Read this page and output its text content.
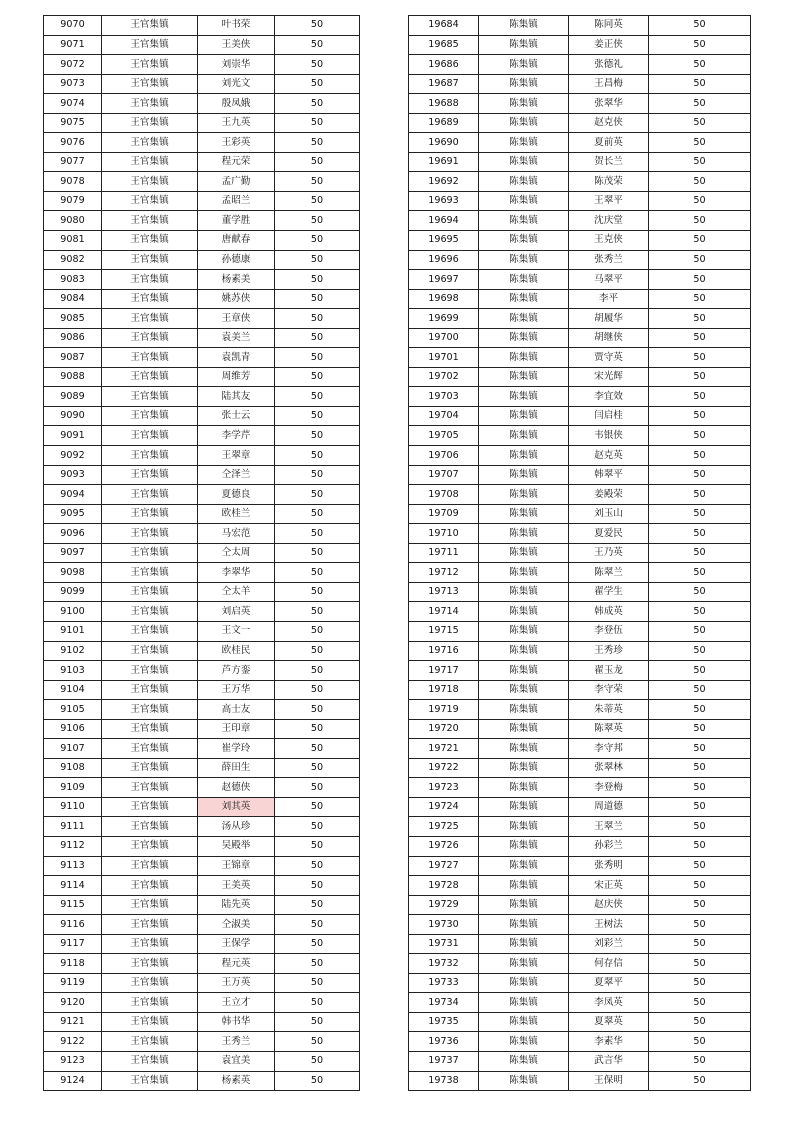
9070	王官集镇	叶书荣	50
9071	王官集镇	王美侠	50
9072	王官集镇	刘崇华	50
9073	王官集镇	刘光文	50
9074	王官集镇	殷凤娥	50
9075	王官集镇	王九英	50
9076	王官集镇	王彩英	50
9077	王官集镇	程元荣	50
9078	王官集镇	孟广勤	50
9079	王官集镇	孟昭兰	50
9080	王官集镇	董学胜	50
9081	王官集镇	唐献春	50
9082	王官集镇	孙德康	50
9083	王官集镇	杨素美	50
9084	王官集镇	姚苏侠	50
9085	王官集镇	王章侠	50
9086	王官集镇	袁美兰	50
9087	王官集镇	袁凯青	50
9088	王官集镇	周维芳	50
9089	王官集镇	陆其友	50
9090	王官集镇	张士云	50
9091	王官集镇	李学芹	50
9092	王官集镇	王翠章	50
9093	王官集镇	仝泽兰	50
9094	王官集镇	夏德良	50
9095	王官集镇	欧桂兰	50
9096	王官集镇	马宏范	50
9097	王官集镇	仝太周	50
9098	王官集镇	李翠华	50
9099	王官集镇	仝太羊	50
9100	王官集镇	刘启英	50
9101	王官集镇	王文一	50
9102	王官集镇	欧桂民	50
9103	王官集镇	芦方銮	50
9104	王官集镇	王万华	50
9105	王官集镇	高士友	50
9106	王官集镇	王印章	50
9107	王官集镇	崔学玲	50
9108	王官集镇	薛田生	50
9109	王官集镇	赵德侠	50
9110	王官集镇	刘其英	50
9111	王官集镇	汤从珍	50
9112	王官集镇	吴殿举	50
9113	王官集镇	王锦章	50
9114	王官集镇	王美英	50
9115	王官集镇	陆先英	50
9116	王官集镇	仝淑美	50
9117	王官集镇	王保学	50
9118	王官集镇	程元英	50
9119	王官集镇	王万英	50
9120	王官集镇	王立才	50
9121	王官集镇	韩书华	50
9122	王官集镇	王秀兰	50
9123	王官集镇	袁宜美	50
9124	王官集镇	杨素英	50
19684	陈集镇	陈同英	50
19685	陈集镇	姜正侠	50
19686	陈集镇	张德礼	50
19687	陈集镇	王昌梅	50
19688	陈集镇	张翠华	50
19689	陈集镇	赵克侠	50
19690	陈集镇	夏前英	50
19691	陈集镇	贺长兰	50
19692	陈集镇	陈茂荣	50
19693	陈集镇	王翠平	50
19694	陈集镇	沈庆堂	50
19695	陈集镇	王克侠	50
19696	陈集镇	张秀兰	50
19697	陈集镇	马翠平	50
19698	陈集镇	李平	50
19699	陈集镇	胡履华	50
19700	陈集镇	胡继侠	50
19701	陈集镇	贾守英	50
19702	陈集镇	宋光辉	50
19703	陈集镇	李宜效	50
19704	陈集镇	闫启桂	50
19705	陈集镇	韦银侠	50
19706	陈集镇	赵克英	50
19707	陈集镇	韩翠平	50
19708	陈集镇	姜殿荣	50
19709	陈集镇	刘玉山	50
19710	陈集镇	夏爱民	50
19711	陈集镇	王乃英	50
19712	陈集镇	陈翠兰	50
19713	陈集镇	翟学生	50
19714	陈集镇	韩成英	50
19715	陈集镇	李登伍	50
19716	陈集镇	王秀珍	50
19717	陈集镇	翟玉龙	50
19718	陈集镇	李守荣	50
19719	陈集镇	朱蒂英	50
19720	陈集镇	陈翠英	50
19721	陈集镇	李守邦	50
19722	陈集镇	张翠林	50
19723	陈集镇	李登梅	50
19724	陈集镇	周道德	50
19725	陈集镇	王翠兰	50
19726	陈集镇	孙彩兰	50
19727	陈集镇	张秀明	50
19728	陈集镇	宋正英	50
19729	陈集镇	赵庆侠	50
19730	陈集镇	王树法	50
19731	陈集镇	刘彩兰	50
19732	陈集镇	何存信	50
19733	陈集镇	夏翠平	50
19734	陈集镇	李凤英	50
19735	陈集镇	夏翠英	50
19736	陈集镇	李素华	50
19737	陈集镇	武言华	50
19738	陈集镇	王保明	50
